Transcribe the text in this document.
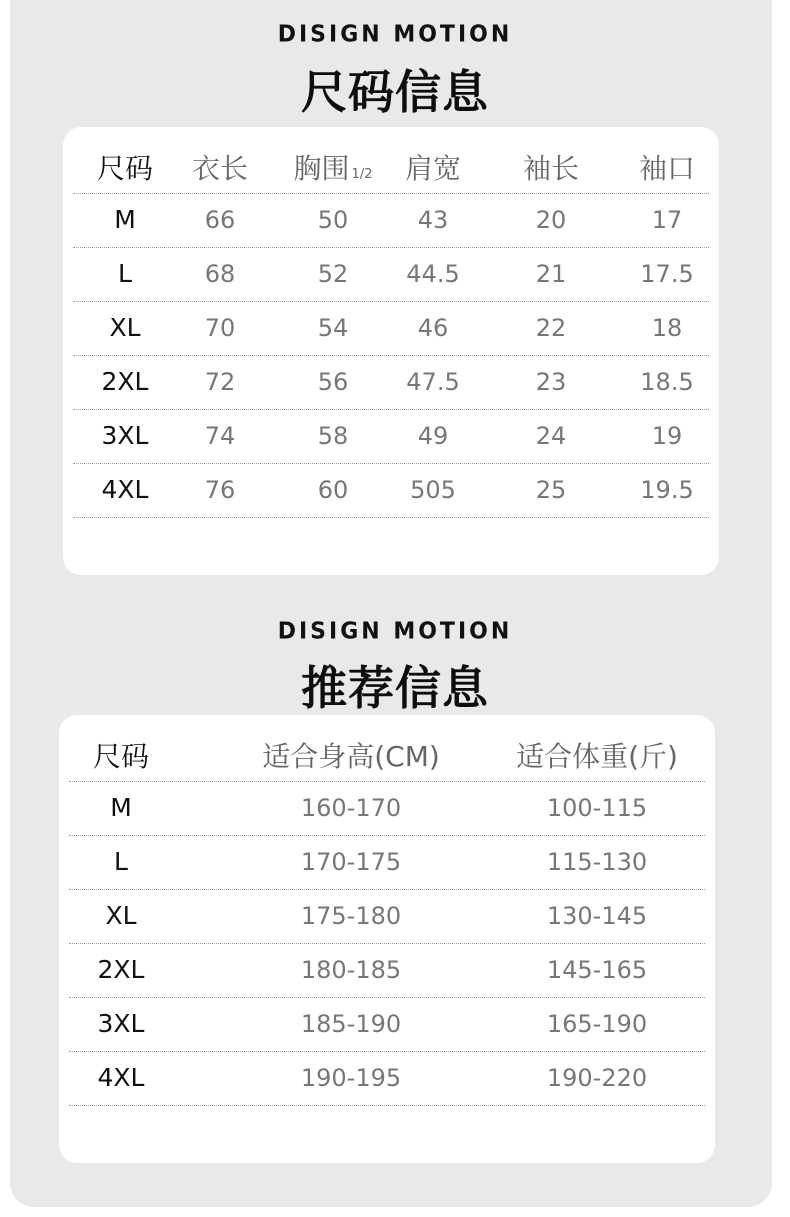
DISIGN MOTION
尺码信息
尺码	衣长	胸围 1/2	肩宽	袖长	袖口
M	66	50	43	20	17
L	68	52	44.5	21	17.5
XL	70	54	46	22	18
2XL	72	56	47.5	23	18.5
3XL	74	58	49	24	19
4XL	76	60	505	25	19.5
DISIGN MOTION
推荐信息
尺码	适合身高(CM)	适合体重(斤)
M	160-170	100-115
L	170-175	115-130
XL	175-180	130-145
2XL	180-185	145-165
3XL	185-190	165-190
4XL	190-195	190-220
